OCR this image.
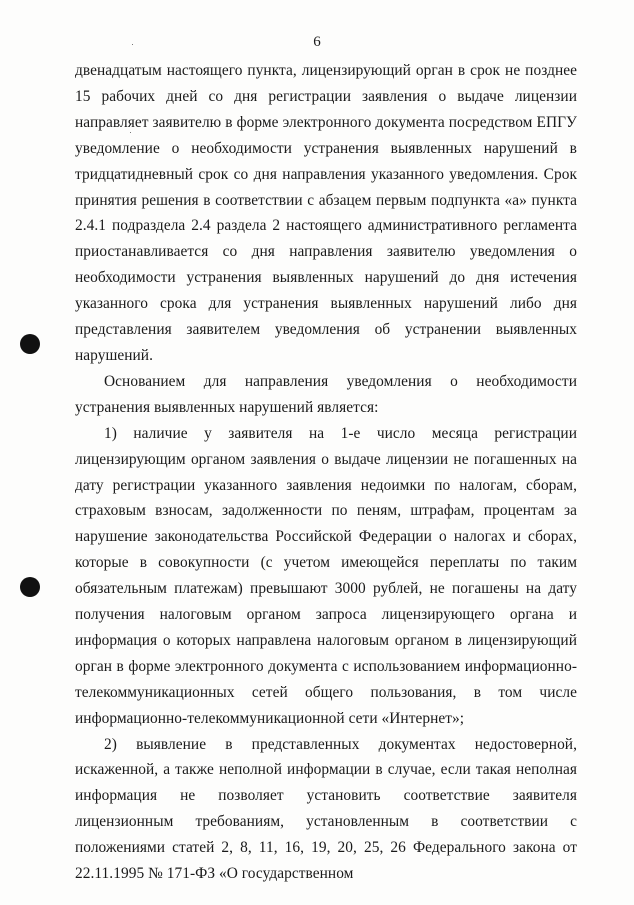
6

двенадцатым настоящего пункта, лицензирующий орган в срок не позднее 15 рабочих дней со дня регистрации заявления о выдаче лицензии направляет заявителю в форме электронного документа посредством ЕПГУ уведомление о необходимости устранения выявленных нарушений в тридцатидневный срок со дня направления указанного уведомления. Срок принятия решения в соответствии с абзацем первым подпункта «а» пункта 2.4.1 подраздела 2.4 раздела 2 настоящего административного регламента приостанавливается со дня направления заявителю уведомления о необходимости устранения выявленных нарушений до дня истечения указанного срока для устранения выявленных нарушений либо дня представления заявителем уведомления об устранении выявленных нарушений.

Основанием для направления уведомления о необходимости устранения выявленных нарушений является:

1) наличие у заявителя на 1-е число месяца регистрации лицензирующим органом заявления о выдаче лицензии не погашенных на дату регистрации указанного заявления недоимки по налогам, сборам, страховым взносам, задолженности по пеням, штрафам, процентам за нарушение законодательства Российской Федерации о налогах и сборах, которые в совокупности (с учетом имеющейся переплаты по таким обязательным платежам) превышают 3000 рублей, не погашены на дату получения налоговым органом запроса лицензирующего органа и информация о которых направлена налоговым органом в лицензирующий орган в форме электронного документа с использованием информационно-телекоммуникационных сетей общего пользования, в том числе информационно-телекоммуникационной сети «Интернет»;

2) выявление в представленных документах недостоверной, искаженной, а также неполной информации в случае, если такая неполная информация не позволяет установить соответствие заявителя лицензионным требованиям, установленным в соответствии с положениями статей 2, 8, 11, 16, 19, 20, 25, 26 Федерального закона от 22.11.1995 № 171-ФЗ «О государственном
